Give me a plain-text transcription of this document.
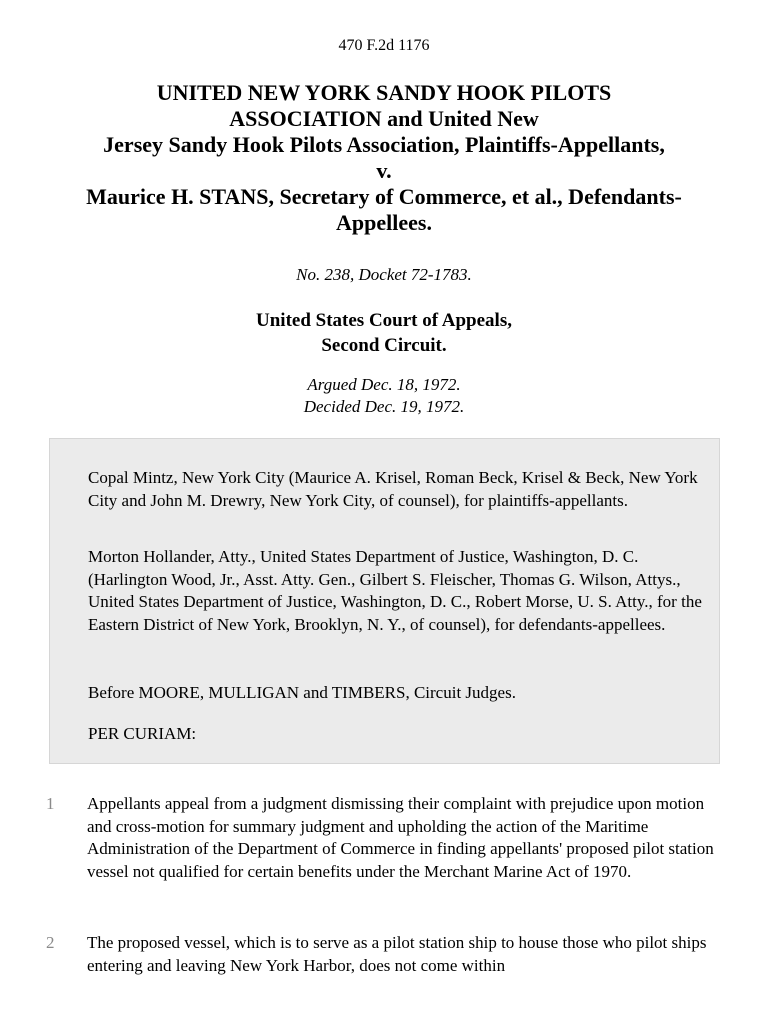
470 F.2d 1176
UNITED NEW YORK SANDY HOOK PILOTS
ASSOCIATION and United New
Jersey Sandy Hook Pilots Association, Plaintiffs-Appellants,
v.
Maurice H. STANS, Secretary of Commerce, et al., Defendants-
Appellees.
No. 238, Docket 72-1783.
United States Court of Appeals,
Second Circuit.
Argued Dec. 18, 1972.
Decided Dec. 19, 1972.

Copal Mintz, New York City (Maurice A. Krisel, Roman Beck, Krisel & Beck, New York City and John M. Drewry, New York City, of counsel), for plaintiffs-appellants.

Morton Hollander, Atty., United States Department of Justice, Washington, D. C. (Harlington Wood, Jr., Asst. Atty. Gen., Gilbert S. Fleischer, Thomas G. Wilson, Attys., United States Department of Justice, Washington, D. C., Robert Morse, U. S. Atty., for the Eastern District of New York, Brooklyn, N. Y., of counsel), for defendants-appellees.

Before MOORE, MULLIGAN and TIMBERS, Circuit Judges.

PER CURIAM:

1	Appellants appeal from a judgment dismissing their complaint with prejudice upon motion and cross-motion for summary judgment and upholding the action of the Maritime Administration of the Department of Commerce in finding appellants' proposed pilot station vessel not qualified for certain benefits under the Merchant Marine Act of 1970.

2	The proposed vessel, which is to serve as a pilot station ship to house those who pilot ships entering and leaving New York Harbor, does not come within
